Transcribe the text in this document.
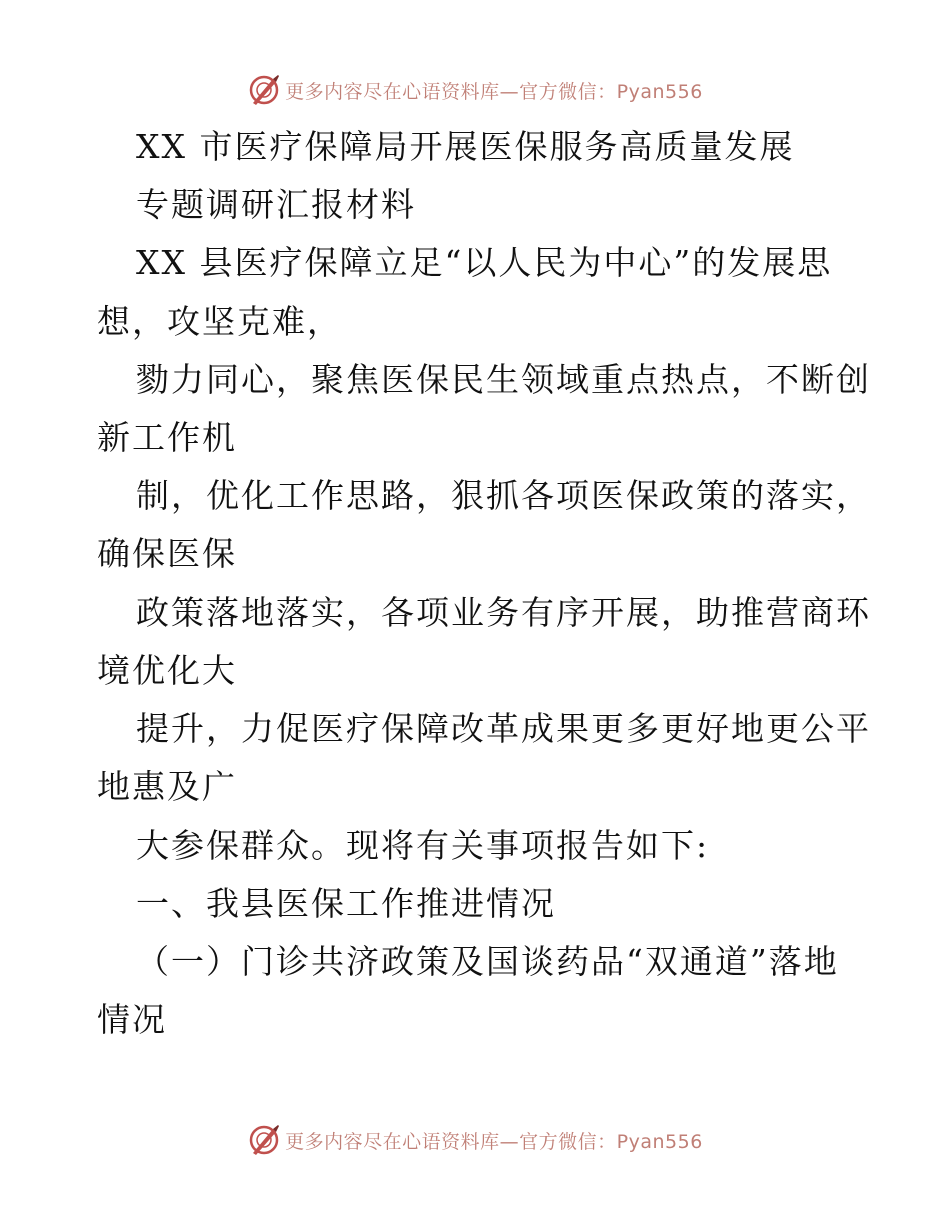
更多内容尽在心语资料库—官方微信：Pyan556
XX 市医疗保障局开展医保服务高质量发展
专题调研汇报材料
XX 县医疗保障立足“以人民为中心”的发展思
想，攻坚克难，
勠力同心，聚焦医保民生领域重点热点，不断创
新工作机
制，优化工作思路，狠抓各项医保政策的落实，
确保医保
政策落地落实，各项业务有序开展，助推营商环
境优化大
提升，力促医疗保障改革成果更多更好地更公平
地惠及广
大参保群众。现将有关事项报告如下:
一、我县医保工作推进情况
（一）门诊共济政策及国谈药品“双通道”落地
情况
更多内容尽在心语资料库—官方微信：Pyan556
